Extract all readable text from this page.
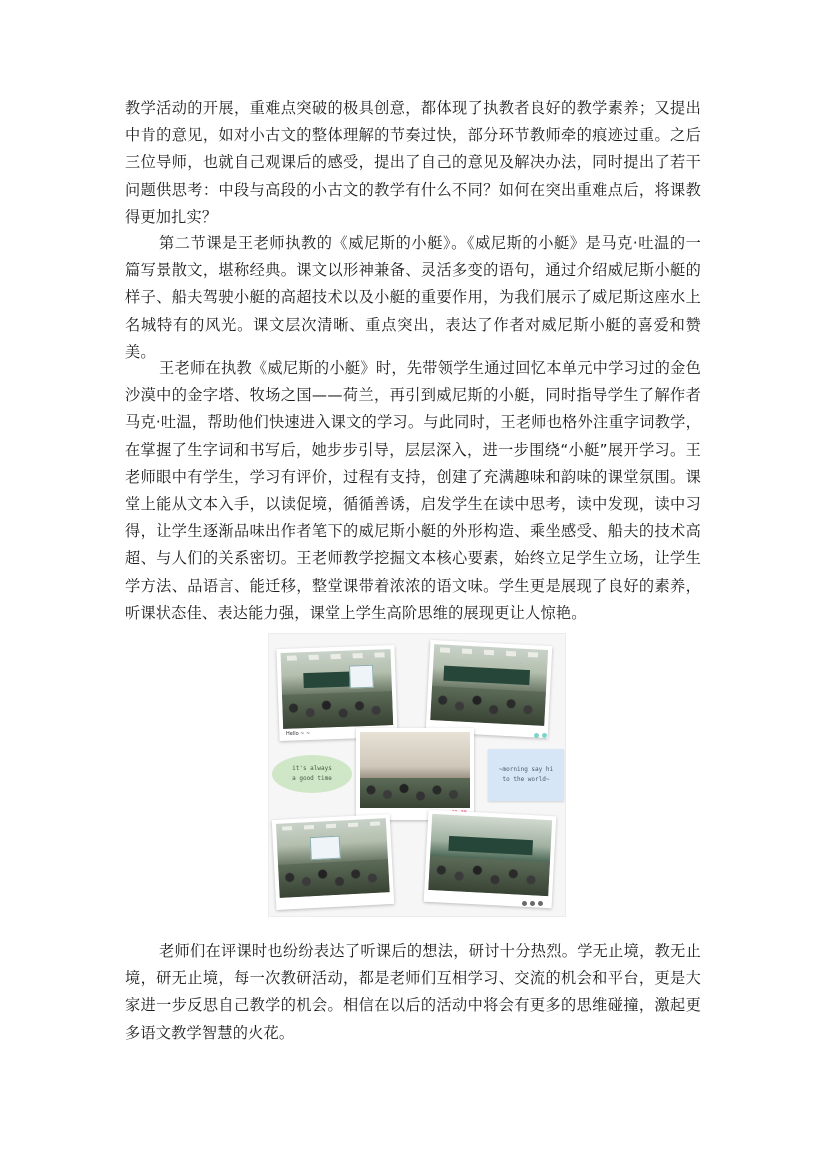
教学活动的开展，重难点突破的极具创意，都体现了执教者良好的教学素养；又提出中肯的意见，如对小古文的整体理解的节奏过快，部分环节教师牵的痕迹过重。之后三位导师，也就自己观课后的感受，提出了自己的意见及解决办法，同时提出了若干问题供思考：中段与高段的小古文的教学有什么不同？如何在突出重难点后，将课教得更加扎实？

第二节课是王老师执教的《威尼斯的小艇》。《威尼斯的小艇》是马克·吐温的一篇写景散文，堪称经典。课文以形神兼备、灵活多变的语句，通过介绍威尼斯小艇的样子、船夫驾驶小艇的高超技术以及小艇的重要作用，为我们展示了威尼斯这座水上名城特有的风光。课文层次清晰、重点突出，表达了作者对威尼斯小艇的喜爱和赞美。

王老师在执教《威尼斯的小艇》时，先带领学生通过回忆本单元中学习过的金色沙漠中的金字塔、牧场之国——荷兰，再引到威尼斯的小艇，同时指导学生了解作者马克·吐温，帮助他们快速进入课文的学习。与此同时，王老师也格外注重字词教学，在掌握了生字词和书写后，她步步引导，层层深入，进一步围绕“小艇”展开学习。王老师眼中有学生，学习有评价，过程有支持，创建了充满趣味和韵味的课堂氛围。课堂上能从文本入手，以读促境，循循善诱，启发学生在读中思考，读中发现，读中习得，让学生逐渐品味出作者笔下的威尼斯小艇的外形构造、乘坐感受、船夫的技术高超、与人们的关系密切。王老师教学挖掘文本核心要素，始终立足学生立场，让学生学方法、品语言、能迁移，整堂课带着浓浓的语文味。学生更是展现了良好的素养，听课状态佳、表达能力强，课堂上学生高阶思维的展现更让人惊艳。

Hello ~ ~
it's always a good time
~morning say hi to the world~

老师们在评课时也纷纷表达了听课后的想法，研讨十分热烈。学无止境，教无止境，研无止境，每一次教研活动，都是老师们互相学习、交流的机会和平台，更是大家进一步反思自己教学的机会。相信在以后的活动中将会有更多的思维碰撞，激起更多语文教学智慧的火花。
